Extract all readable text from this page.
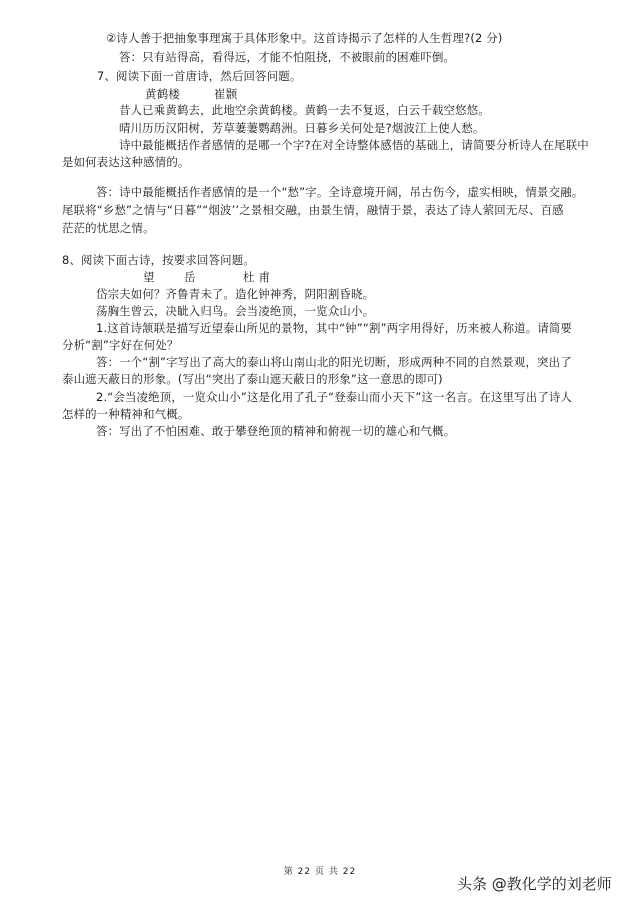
②诗人善于把抽象事理寓于具体形象中。这首诗揭示了怎样的人生哲理?(2 分)
答：只有站得高，看得远，才能不怕阻挠，不被眼前的困难吓倒。
7、阅读下面一首唐诗，然后回答问题。
黄鹤楼	崔颢
昔人已乘黄鹤去，此地空余黄鹤楼。黄鹤一去不复返，白云千载空悠悠。
晴川历历汉阳树，芳草萋萋鹦鹉洲。日暮乡关何处是?烟波江上使人愁。
诗中最能概括作者感情的是哪一个字?在对全诗整体感悟的基础上，请简要分析诗人在尾联中
是如何表达这种感情的。
答：诗中最能概括作者感情的是一个“愁”字。全诗意境开阔，吊古伤今，虚实相映，情景交融。
尾联将“乡愁”之情与“日暮”“烟波’’之景相交融，由景生情，融情于景，表达了诗人萦回无尽、百感
茫茫的忧思之情。
8、阅读下面古诗，按要求回答问题。
望	岳	杜 甫
岱宗夫如何？齐鲁青未了。造化钟神秀，阴阳割昏晓。
荡胸生曾云，决眦入归鸟。会当凌绝顶，一览众山小。
1.这首诗颔联是描写近望泰山所见的景物，其中“钟”“割”两字用得好，历来被人称道。请简要
分析“割”字好在何处？
答：一个“割”字写出了高大的泰山将山南山北的阳光切断，形成两种不同的自然景观，突出了
泰山遮天蔽日的形象。(写出“突出了泰山遮天蔽日的形象”这一意思的即可)
2.“会当凌绝顶，一览众山小”这是化用了孔子“登泰山而小天下”这一名言。在这里写出了诗人
怎样的一种精神和气概。
答：写出了不怕困难、敢于攀登绝顶的精神和俯视一切的雄心和气概。
第 22 页 共 22
头条 @教化学的刘老师
